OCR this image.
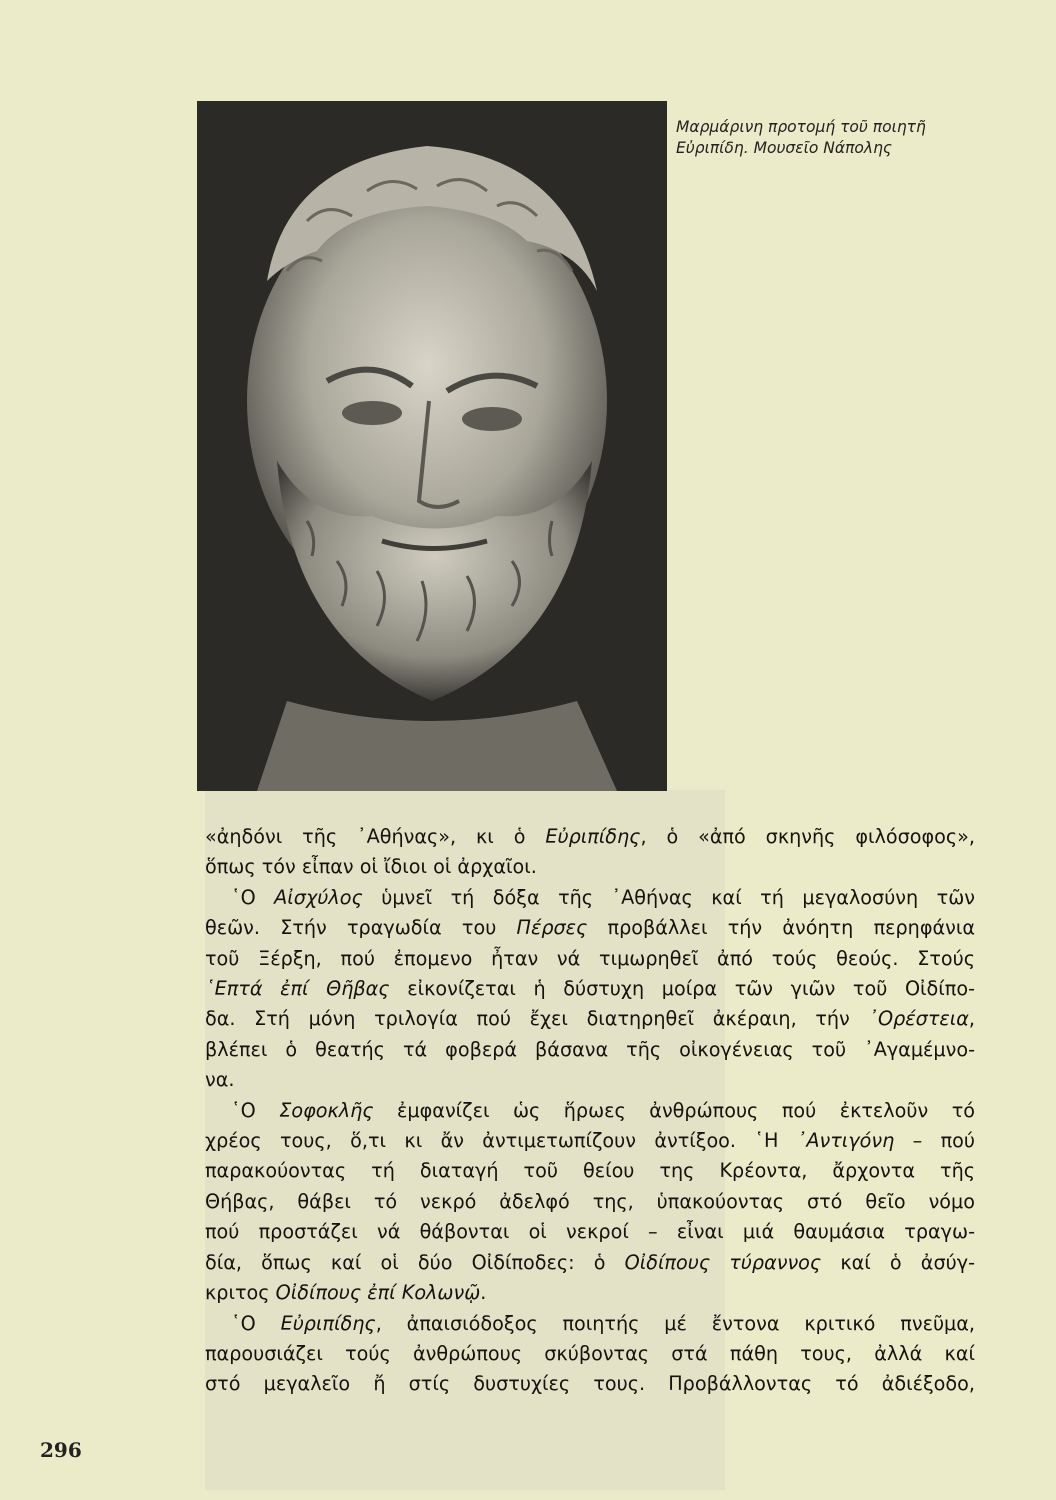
Μαρμάρινη προτομή τοῦ ποιητῆ
Εὐριπίδη. Μουσεῖο Νάπολης

«ἀηδόνι τῆς ᾿Αθήνας», κι ὁ Εὐριπίδης, ὁ «ἀπό σκηνῆς φιλόσοφος»,
ὅπως τόν εἶπαν οἱ ἴδιοι οἱ ἀρχαῖοι.

῾Ο Αἰσχύλος ὑμνεῖ τή δόξα τῆς ᾿Αθήνας καί τή μεγαλοσύνη τῶν
θεῶν. Στήν τραγωδία του Πέρσες προβάλλει τήν ἀνόητη περηφάνια
τοῦ Ξέρξη, πού ἐπομενο ἦταν νά τιμωρηθεῖ ἀπό τούς θεούς. Στούς
῾Επτά ἐπί Θῆβας εἰκονίζεται ἡ δύστυχη μοίρα τῶν γιῶν τοῦ Οἰδίπο-
δα. Στή μόνη τριλογία πού ἔχει διατηρηθεῖ ἀκέραιη, τήν ᾿Ορέστεια,
βλέπει ὁ θεατής τά φοβερά βάσανα τῆς οἰκογένειας τοῦ ᾿Αγαμέμνο-
να.

῾Ο Σοφοκλῆς ἐμφανίζει ὡς ἥρωες ἀνθρώπους πού ἐκτελοῦν τό
χρέος τους, ὅ,τι κι ἄν ἀντιμετωπίζουν ἀντίξοο. ῾Η ᾿Αντιγόνη – πού
παρακούοντας τή διαταγή τοῦ θείου της Κρέοντα, ἄρχοντα τῆς
Θήβας, θάβει τό νεκρό ἀδελφό της, ὑπακούοντας στό θεῖο νόμο
πού προστάζει νά θάβονται οἱ νεκροί – εἶναι μιά θαυμάσια τραγω-
δία, ὅπως καί οἱ δύο Οἰδίποδες: ὁ Οἰδίπους τύραννος καί ὁ ἀσύγ-
κριτος Οἰδίπους ἐπί Κολωνῷ.

῾Ο Εὐριπίδης, ἀπαισιόδοξος ποιητής μέ ἔντονα κριτικό πνεῦμα,
παρουσιάζει τούς ἀνθρώπους σκύβοντας στά πάθη τους, ἀλλά καί
στό μεγαλεῖο ἤ στίς δυστυχίες τους. Προβάλλοντας τό ἀδιέξοδο,

296
